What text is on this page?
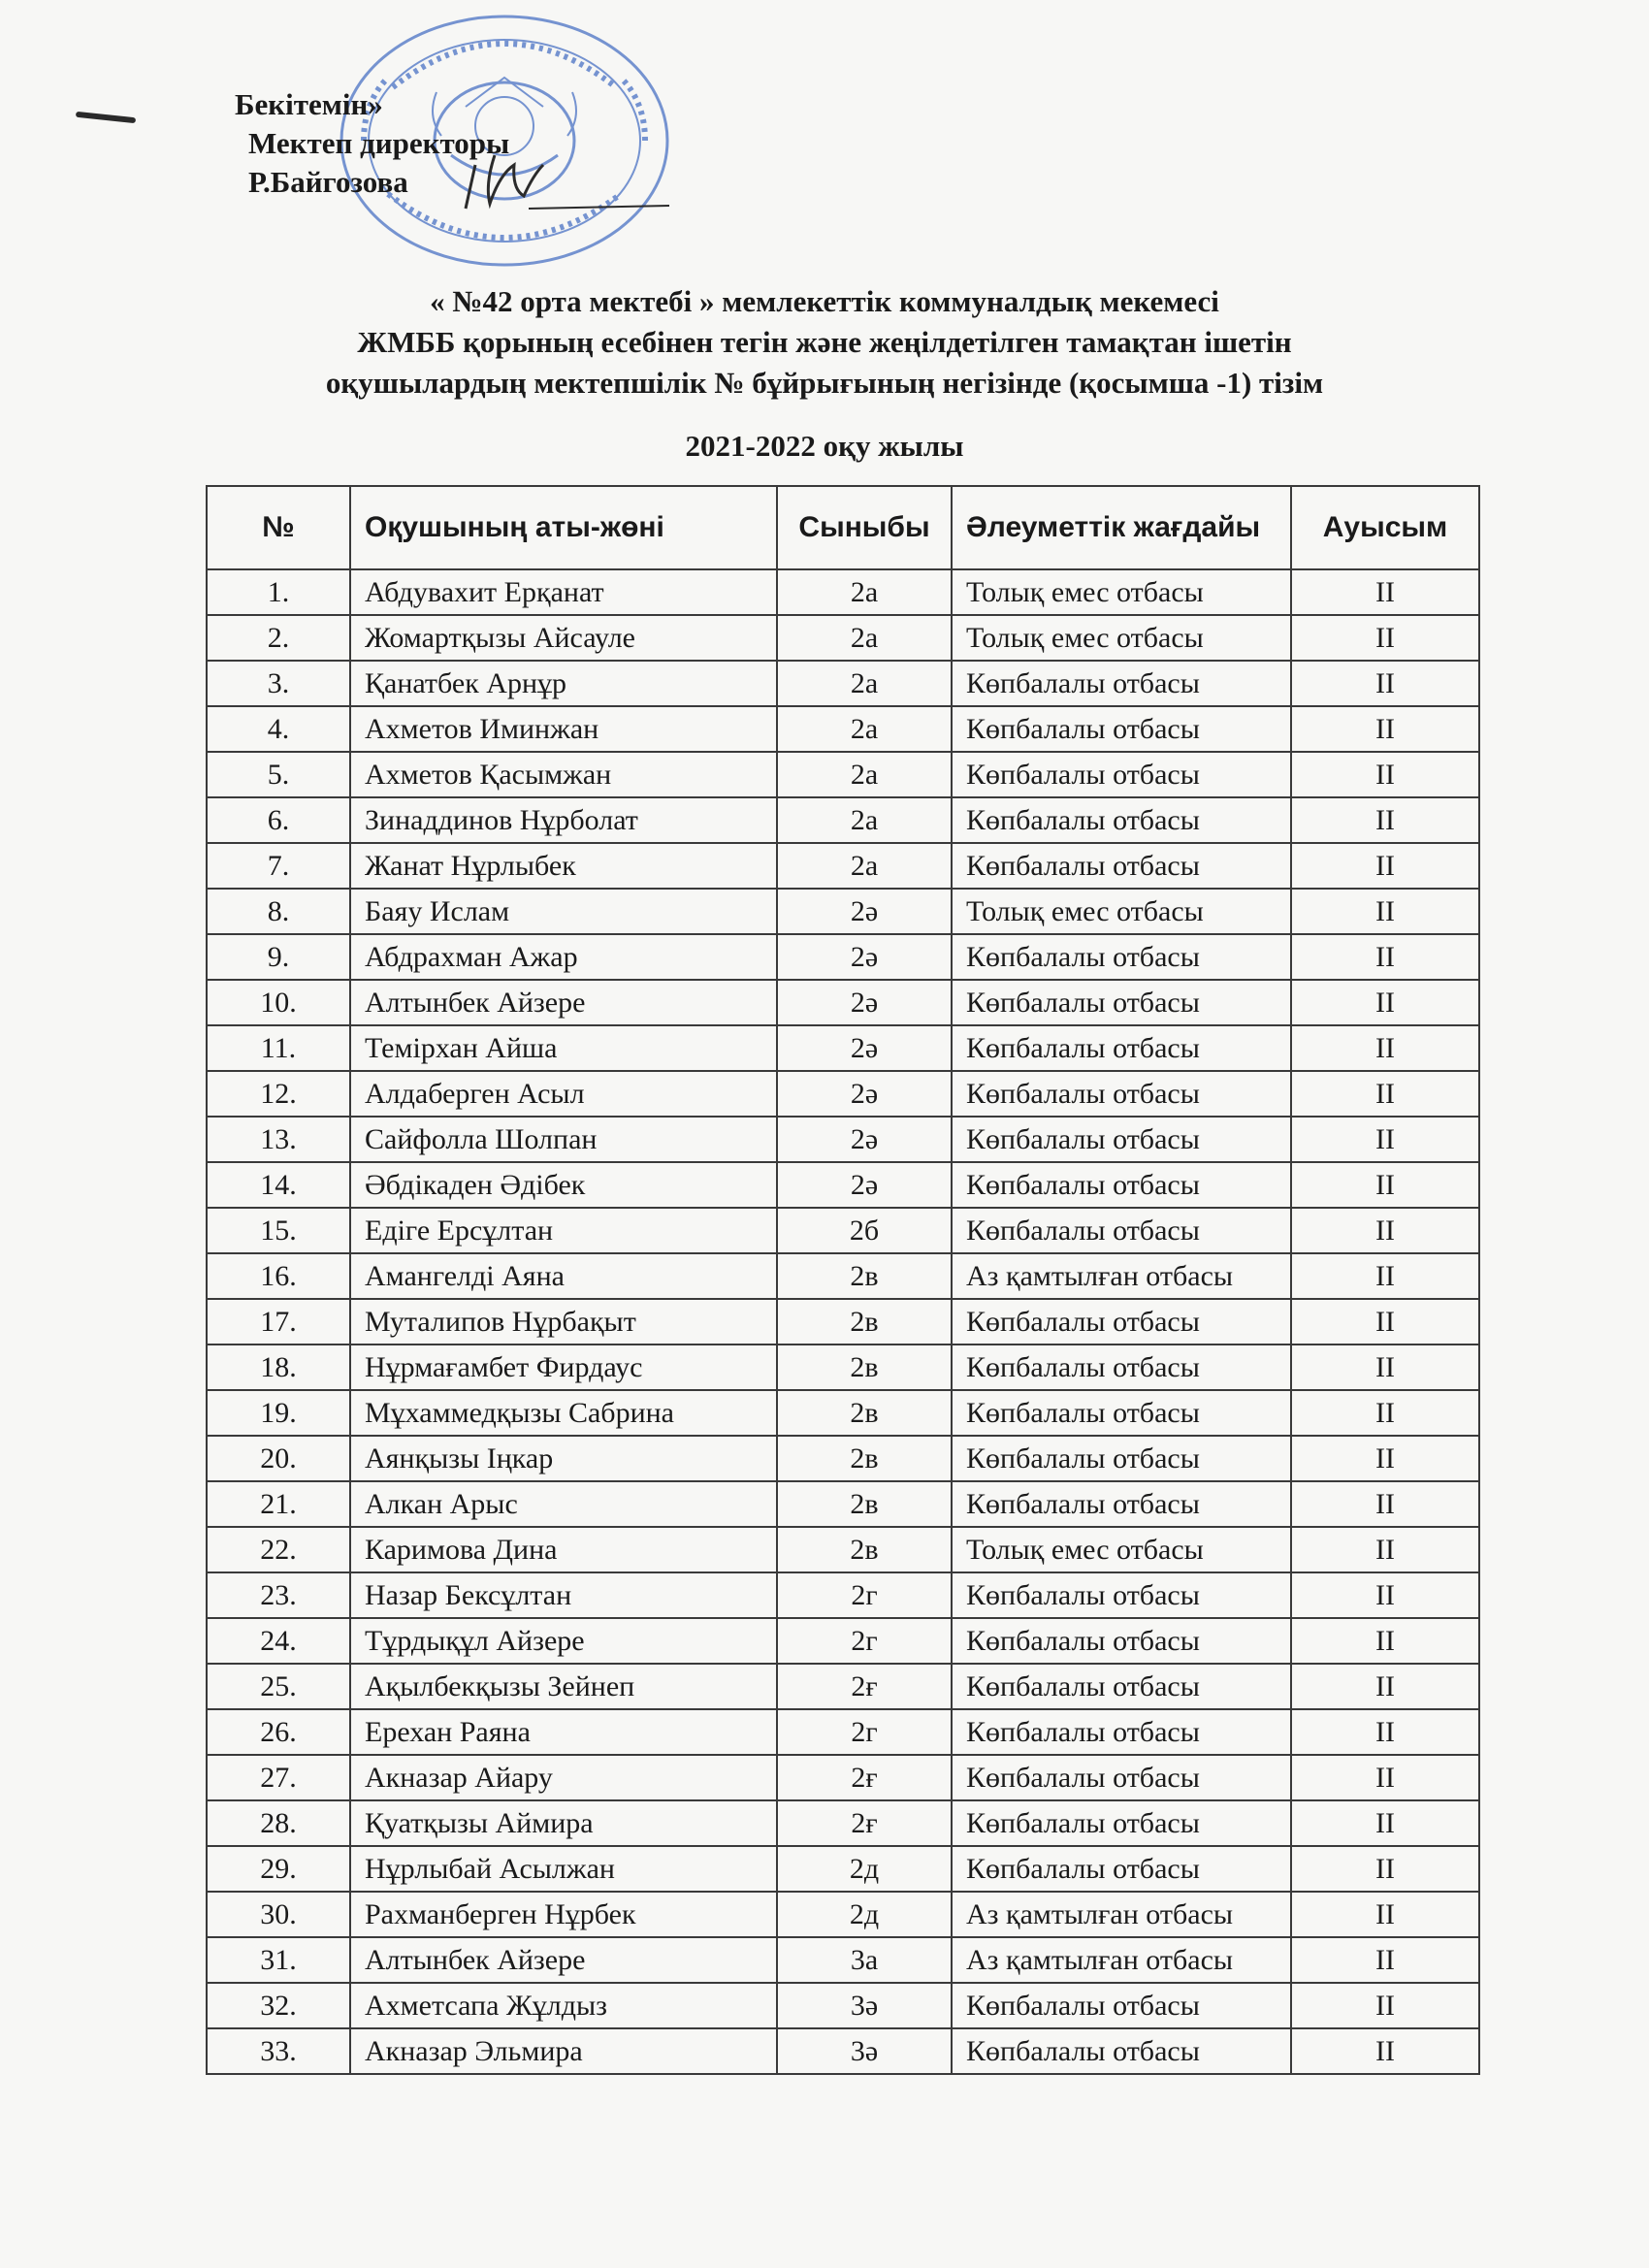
Бекітемін»
Мектеп директоры
Р.Байгозова
« №42 орта мектебі » мемлекеттік коммуналдық мекемесі
ЖМББ қорының есебінен тегін және жеңілдетілген тамақтан ішетін
оқушылардың мектепшілік № бұйрығының негізінде (қосымша -1) тізім
2021-2022 оқу жылы
№	Оқушының аты-жөні	Сыныбы	Әлеуметтік жағдайы	Ауысым
1.	Абдувахит Ерқанат	2а	Толық емес отбасы	II
2.	Жомартқызы Айсауле	2а	Толық емес отбасы	II
3.	Қанатбек Арнұр	2а	Көпбалалы отбасы	II
4.	Ахметов Иминжан	2а	Көпбалалы отбасы	II
5.	Ахметов Қасымжан	2а	Көпбалалы отбасы	II
6.	Зинаддинов Нұрболат	2а	Көпбалалы отбасы	II
7.	Жанат Нұрлыбек	2а	Көпбалалы отбасы	II
8.	Баяу Ислам	2ә	Толық емес отбасы	II
9.	Абдрахман Ажар	2ә	Көпбалалы отбасы	II
10.	Алтынбек Айзере	2ә	Көпбалалы отбасы	II
11.	Темірхан Айша	2ә	Көпбалалы отбасы	II
12.	Алдаберген Асыл	2ә	Көпбалалы отбасы	II
13.	Сайфолла Шолпан	2ә	Көпбалалы отбасы	II
14.	Әбдікаден Әдібек	2ә	Көпбалалы отбасы	II
15.	Едіге Ерсұлтан	2б	Көпбалалы отбасы	II
16.	Амангелді Аяна	2в	Аз қамтылған отбасы	II
17.	Муталипов Нұрбақыт	2в	Көпбалалы отбасы	II
18.	Нұрмағамбет Фирдаус	2в	Көпбалалы отбасы	II
19.	Мұхаммедқызы Сабрина	2в	Көпбалалы отбасы	II
20.	Аянқызы Іңкар	2в	Көпбалалы отбасы	II
21.	Алкан Арыс	2в	Көпбалалы отбасы	II
22.	Каримова Дина	2в	Толық емес отбасы	II
23.	Назар Бексұлтан	2г	Көпбалалы отбасы	II
24.	Тұрдықұл Айзере	2г	Көпбалалы отбасы	II
25.	Ақылбекқызы Зейнеп	2ғ	Көпбалалы отбасы	II
26.	Ерехан Раяна	2г	Көпбалалы отбасы	II
27.	Акназар Айару	2ғ	Көпбалалы отбасы	II
28.	Қуатқызы Аймира	2ғ	Көпбалалы отбасы	II
29.	Нұрлыбай Асылжан	2д	Көпбалалы отбасы	II
30.	Рахманберген Нұрбек	2д	Аз қамтылған отбасы	II
31.	Алтынбек Айзере	3а	Аз қамтылған отбасы	II
32.	Ахметсапа Жұлдыз	3ә	Көпбалалы отбасы	II
33.	Акназар Эльмира	3ә	Көпбалалы отбасы	II
